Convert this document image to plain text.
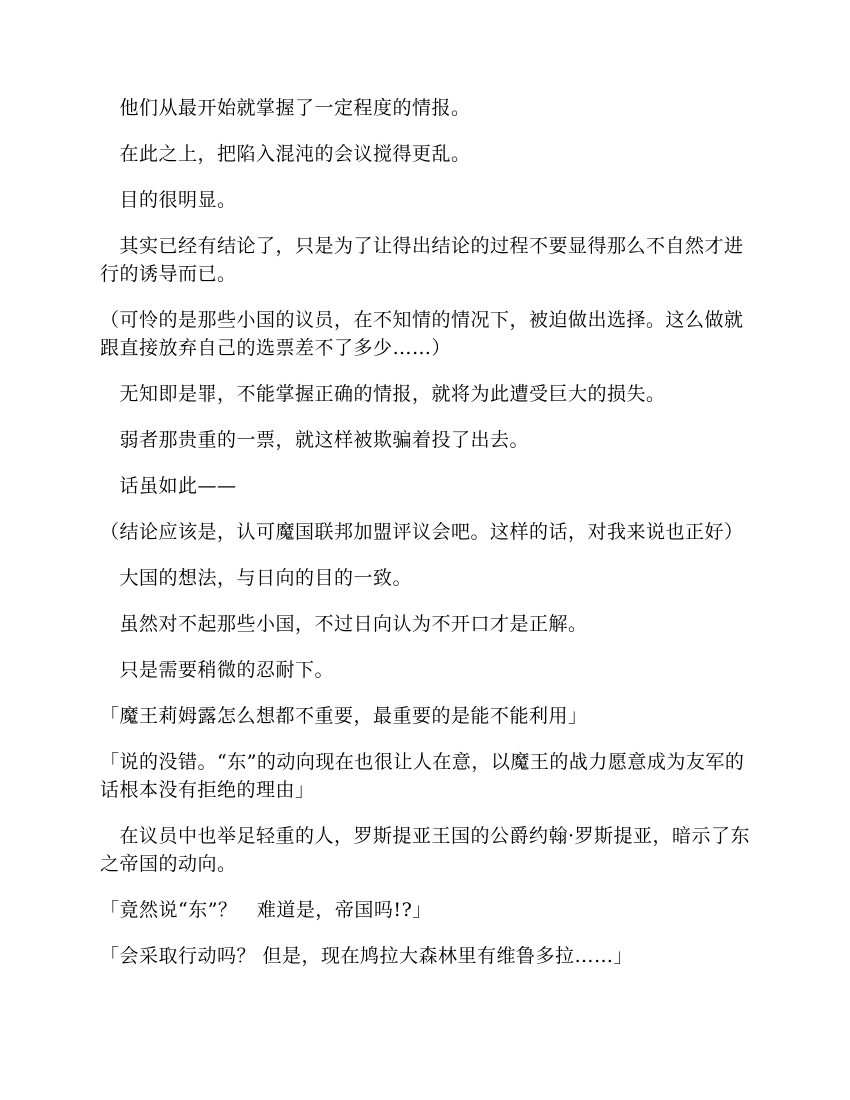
　他们从最开始就掌握了一定程度的情报。

　在此之上，把陷入混沌的会议搅得更乱。

　目的很明显。

　其实已经有结论了，只是为了让得出结论的过程不要显得那么不自然才进行的诱导而已。

（可怜的是那些小国的议员，在不知情的情况下，被迫做出选择。这么做就跟直接放弃自己的选票差不了多少……）

　无知即是罪，不能掌握正确的情报，就将为此遭受巨大的损失。

　弱者那贵重的一票，就这样被欺骗着投了出去。

　话虽如此——

（结论应该是，认可魔国联邦加盟评议会吧。这样的话，对我来说也正好）

　大国的想法，与日向的目的一致。

　虽然对不起那些小国，不过日向认为不开口才是正解。

　只是需要稍微的忍耐下。

「魔王莉姆露怎么想都不重要，最重要的是能不能利用」

「说的没错。“东”的动向现在也很让人在意，以魔王的战力愿意成为友军的话根本没有拒绝的理由」

　在议员中也举足轻重的人，罗斯提亚王国的公爵约翰·罗斯提亚，暗示了东之帝国的动向。

「竟然说“东”？　难道是，帝国吗!?」

「会采取行动吗？ 但是，现在鸠拉大森林里有维鲁多拉……」
